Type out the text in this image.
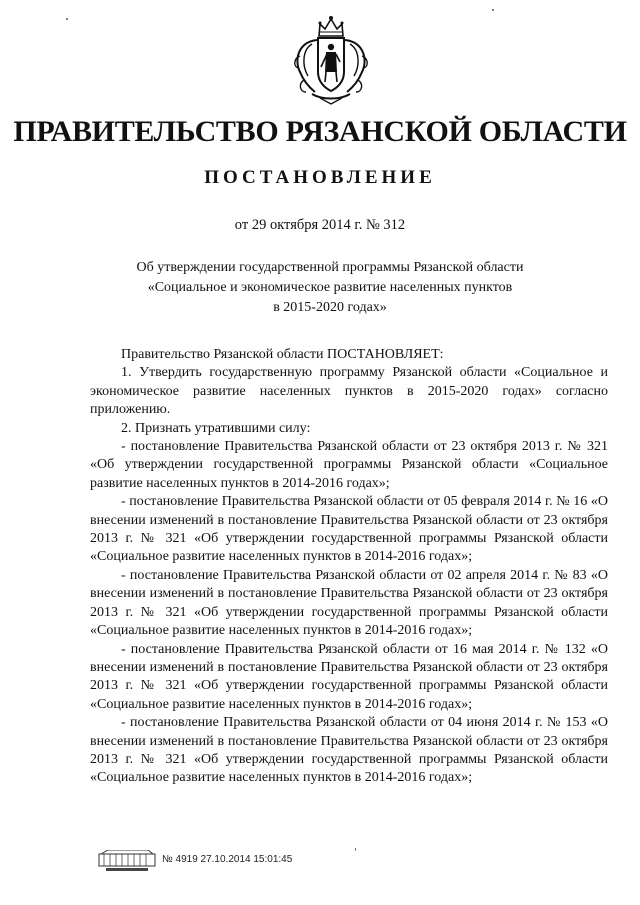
ПРАВИТЕЛЬСТВО РЯЗАНСКОЙ ОБЛАСТИ
ПОСТАНОВЛЕНИЕ
от 29 октября 2014 г. № 312
Об утверждении государственной программы Рязанской области
«Социальное и экономическое развитие населенных пунктов
в 2015-2020 годах»

Правительство Рязанской области ПОСТАНОВЛЯЕТ:

1. Утвердить государственную программу Рязанской области «Социальное и экономическое развитие населенных пунктов в 2015-2020 годах» согласно приложению.

2. Признать утратившими силу:

- постановление Правительства Рязанской области от 23 октября 2013 г. № 321 «Об утверждении государственной программы Рязанской области «Социальное развитие населенных пунктов в 2014-2016 годах»;

- постановление Правительства Рязанской области от 05 февраля 2014 г. № 16 «О внесении изменений в постановление Правительства Рязанской области от 23 октября 2013 г. № 321 «Об утверждении государственной программы Рязанской области «Социальное развитие населенных пунктов в 2014-2016 годах»;

- постановление Правительства Рязанской области от 02 апреля 2014 г. № 83 «О внесении изменений в постановление Правительства Рязанской области от 23 октября 2013 г. № 321 «Об утверждении государственной программы Рязанской области «Социальное развитие населенных пунктов в 2014-2016 годах»;

- постановление Правительства Рязанской области от 16 мая 2014 г. № 132 «О внесении изменений в постановление Правительства Рязанской области от 23 октября 2013 г. № 321 «Об утверждении государственной программы Рязанской области «Социальное развитие населенных пунктов в 2014-2016 годах»;

- постановление Правительства Рязанской области от 04 июня 2014 г. № 153 «О внесении изменений в постановление Правительства Рязанской области от 23 октября 2013 г. № 321 «Об утверждении государственной программы Рязанской области «Социальное развитие населенных пунктов в 2014-2016 годах»;

№ 4919 27.10.2014 15:01:45
